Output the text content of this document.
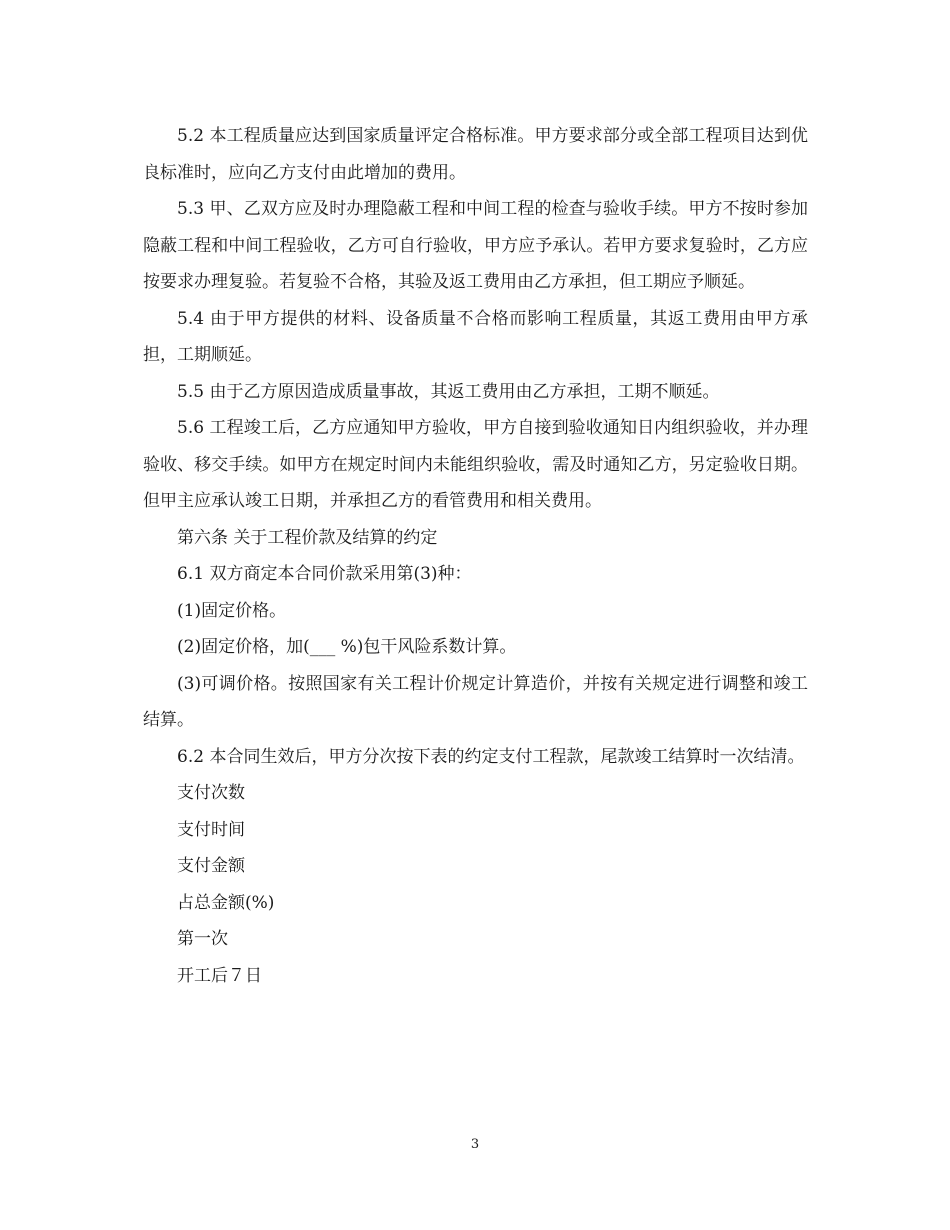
5.2 本工程质量应达到国家质量评定合格标准。甲方要求部分或全部工程项目达到优良标准时，应向乙方支付由此增加的费用。

5.3 甲、乙双方应及时办理隐蔽工程和中间工程的检查与验收手续。甲方不按时参加隐蔽工程和中间工程验收，乙方可自行验收，甲方应予承认。若甲方要求复验时，乙方应按要求办理复验。若复验不合格，其验及返工费用由乙方承担，但工期应予顺延。

5.4 由于甲方提供的材料、设备质量不合格而影响工程质量，其返工费用由甲方承担，工期顺延。

5.5 由于乙方原因造成质量事故，其返工费用由乙方承担，工期不顺延。

5.6 工程竣工后，乙方应通知甲方验收，甲方自接到验收通知日内组织验收，并办理验收、移交手续。如甲方在规定时间内未能组织验收，需及时通知乙方，另定验收日期。但甲主应承认竣工日期，并承担乙方的看管费用和相关费用。

第六条 关于工程价款及结算的约定

6.1 双方商定本合同价款采用第(3)种：

(1)固定价格。

(2)固定价格，加(___ %)包干风险系数计算。

(3)可调价格。按照国家有关工程计价规定计算造价，并按有关规定进行调整和竣工结算。

6.2 本合同生效后，甲方分次按下表的约定支付工程款，尾款竣工结算时一次结清。

支付次数

支付时间

支付金额

占总金额(%)

第一次

开工后７日

3
